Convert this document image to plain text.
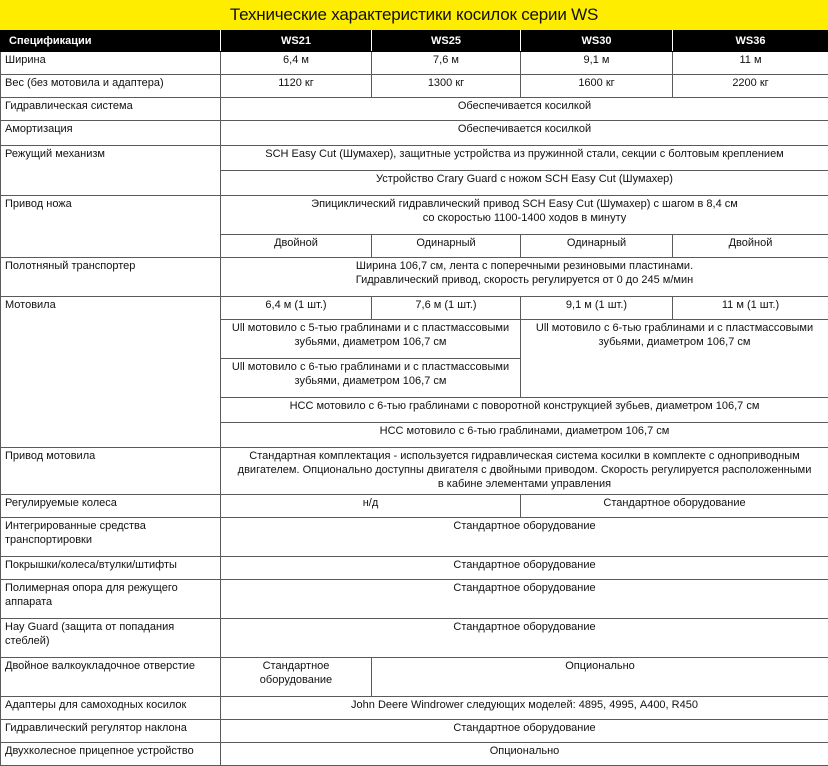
Технические характеристики косилок серии WS
Спецификации	WS21	WS25	WS30	WS36
Ширина	6,4 м	7,6 м	9,1 м	11 м
Вес (без мотовила и адаптера)	1120 кг	1300 кг	1600 кг	2200 кг
Гидравлическая система	Обеспечивается косилкой			
Амортизация	Обеспечивается косилкой			
Режущий механизм	SCH Easy Cut (Шумахер), защитные устройства из пружинной стали, секции с болтовым креплением			
	Устройство Crary Guard с ножом SCH Easy Cut (Шумахер)			
Привод ножа	Эпициклический гидравлический привод SCH Easy Cut (Шумахер) с шагом в 8,4 см
со скоростью 1100-1400 ходов в минуту			
	Двойной	Одинарный	Одинарный	Двойной
Полотняный транспортер	Ширина 106,7 см, лента с поперечными резиновыми пластинами.
Гидравлический привод, скорость регулируется от 0 до 245 м/мин			
Мотовила	6,4 м (1 шт.)	7,6 м (1 шт.)	9,1 м (1 шт.)	11 м (1 шт.)
	Ull мотовило с 5-тью граблинами и с пластмассовыми
зубьями, диаметром 106,7 см		Ull мотовило с 6-тью граблинами и с пластмассовыми
зубьями, диаметром 106,7 см	
	Ull мотовило с 6-тью граблинами и с пластмассовыми
зубьями, диаметром 106,7 см			
	HCC мотовило с 6-тью граблинами с поворотной конструкцией зубьев, диаметром 106,7 см			
	HCC мотовило с 6-тью граблинами, диаметром 106,7 см			
Привод мотовила	Стандартная комплектация - используется гидравлическая система косилки в комплекте с одноприводным
двигателем. Опционально доступны двигателя с двойными приводом. Скорость регулируется расположенными
в кабине элементами управления			
Регулируемые колеса	н/д		Стандартное оборудование	
Интегрированные средства
транспортировки	Стандартное оборудование			
Покрышки/колеса/втулки/штифты	Стандартное оборудование			
Полимерная опора для режущего
аппарата	Стандартное оборудование			
Hay Guard (защита от попадания
стеблей)	Стандартное оборудование			
Двойное валкоукладочное отверстие	Стандартное
оборудование	Опционально		
Адаптеры для самоходных косилок	John Deere Windrower следующих моделей: 4895, 4995, A400, R450			
Гидравлический регулятор наклона	Стандартное оборудование			
Двухколесное прицепное устройство	Опционально			
